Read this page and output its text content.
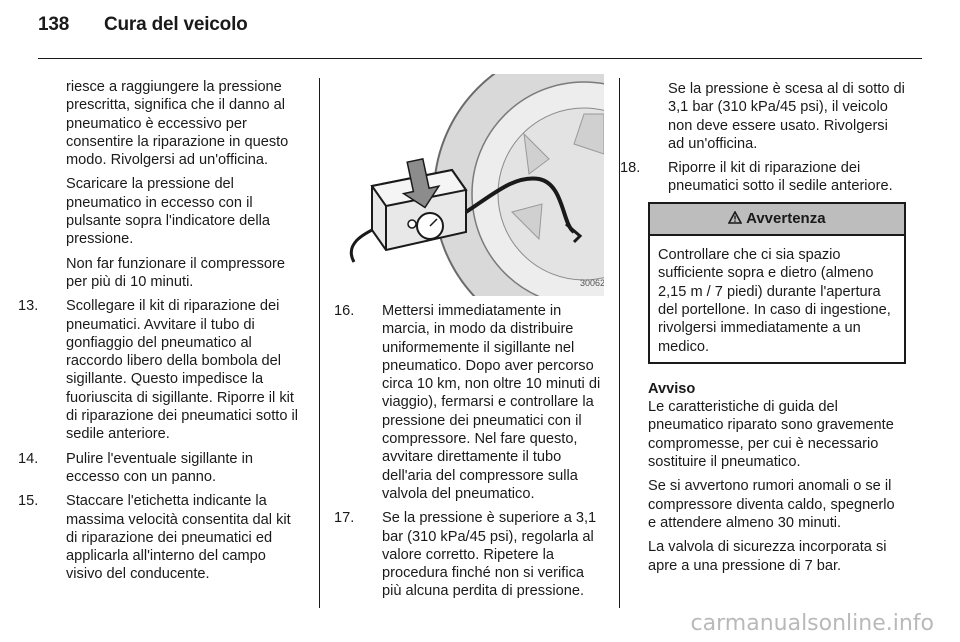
138 Cura del veicolo

riesce a raggiungere la pressione prescritta, significa che il danno al pneumatico è eccessivo per consentire la riparazione in questo modo. Rivolgersi ad un'officina.

Scaricare la pressione del pneumatico in eccesso con il pulsante sopra l'indicatore della pressione.

Non far funzionare il compressore per più di 10 minuti.

13. Scollegare il kit di riparazione dei pneumatici. Avvitare il tubo di gonfiaggio del pneumatico al raccordo libero della bombola del sigillante. Questo impedisce la fuoriuscita di sigillante. Riporre il kit di riparazione dei pneumatici sotto il sedile anteriore.
14. Pulire l'eventuale sigillante in eccesso con un panno.
15. Staccare l'etichetta indicante la massima velocità consentita dal kit di riparazione dei pneumatici ed applicarla all'interno del campo visivo del conducente.
30062
16. Mettersi immediatamente in marcia, in modo da distribuire uniformemente il sigillante nel pneumatico. Dopo aver percorso circa 10 km, non oltre 10 minuti di viaggio), fermarsi e controllare la pressione dei pneumatici con il compressore. Nel fare questo, avvitare direttamente il tubo dell'aria del compressore sulla valvola del pneumatico.
17. Se la pressione è superiore a 3,1 bar (310 kPa/45 psi), regolarla al valore corretto. Ripetere la procedura finché non si verifica più alcuna perdita di pressione.

Se la pressione è scesa al di sotto di 3,1 bar (310 kPa/45 psi), il veicolo non deve essere usato. Rivolgersi ad un'officina.

18. Riporre il kit di riparazione dei pneumatici sotto il sedile anteriore.
Avvertenza
Controllare che ci sia spazio sufficiente sopra e dietro (almeno 2,15 m / 7 piedi) durante l'apertura del portellone. In caso di ingestione, rivolgersi immediatamente a un medico.
Avviso

Le caratteristiche di guida del pneumatico riparato sono gravemente compromesse, per cui è necessario sostituire il pneumatico.

Se si avvertono rumori anomali o se il compressore diventa caldo, spegnerlo e attendere almeno 30 minuti.

La valvola di sicurezza incorporata si apre a una pressione di 7 bar.

carmanualsonline.info
